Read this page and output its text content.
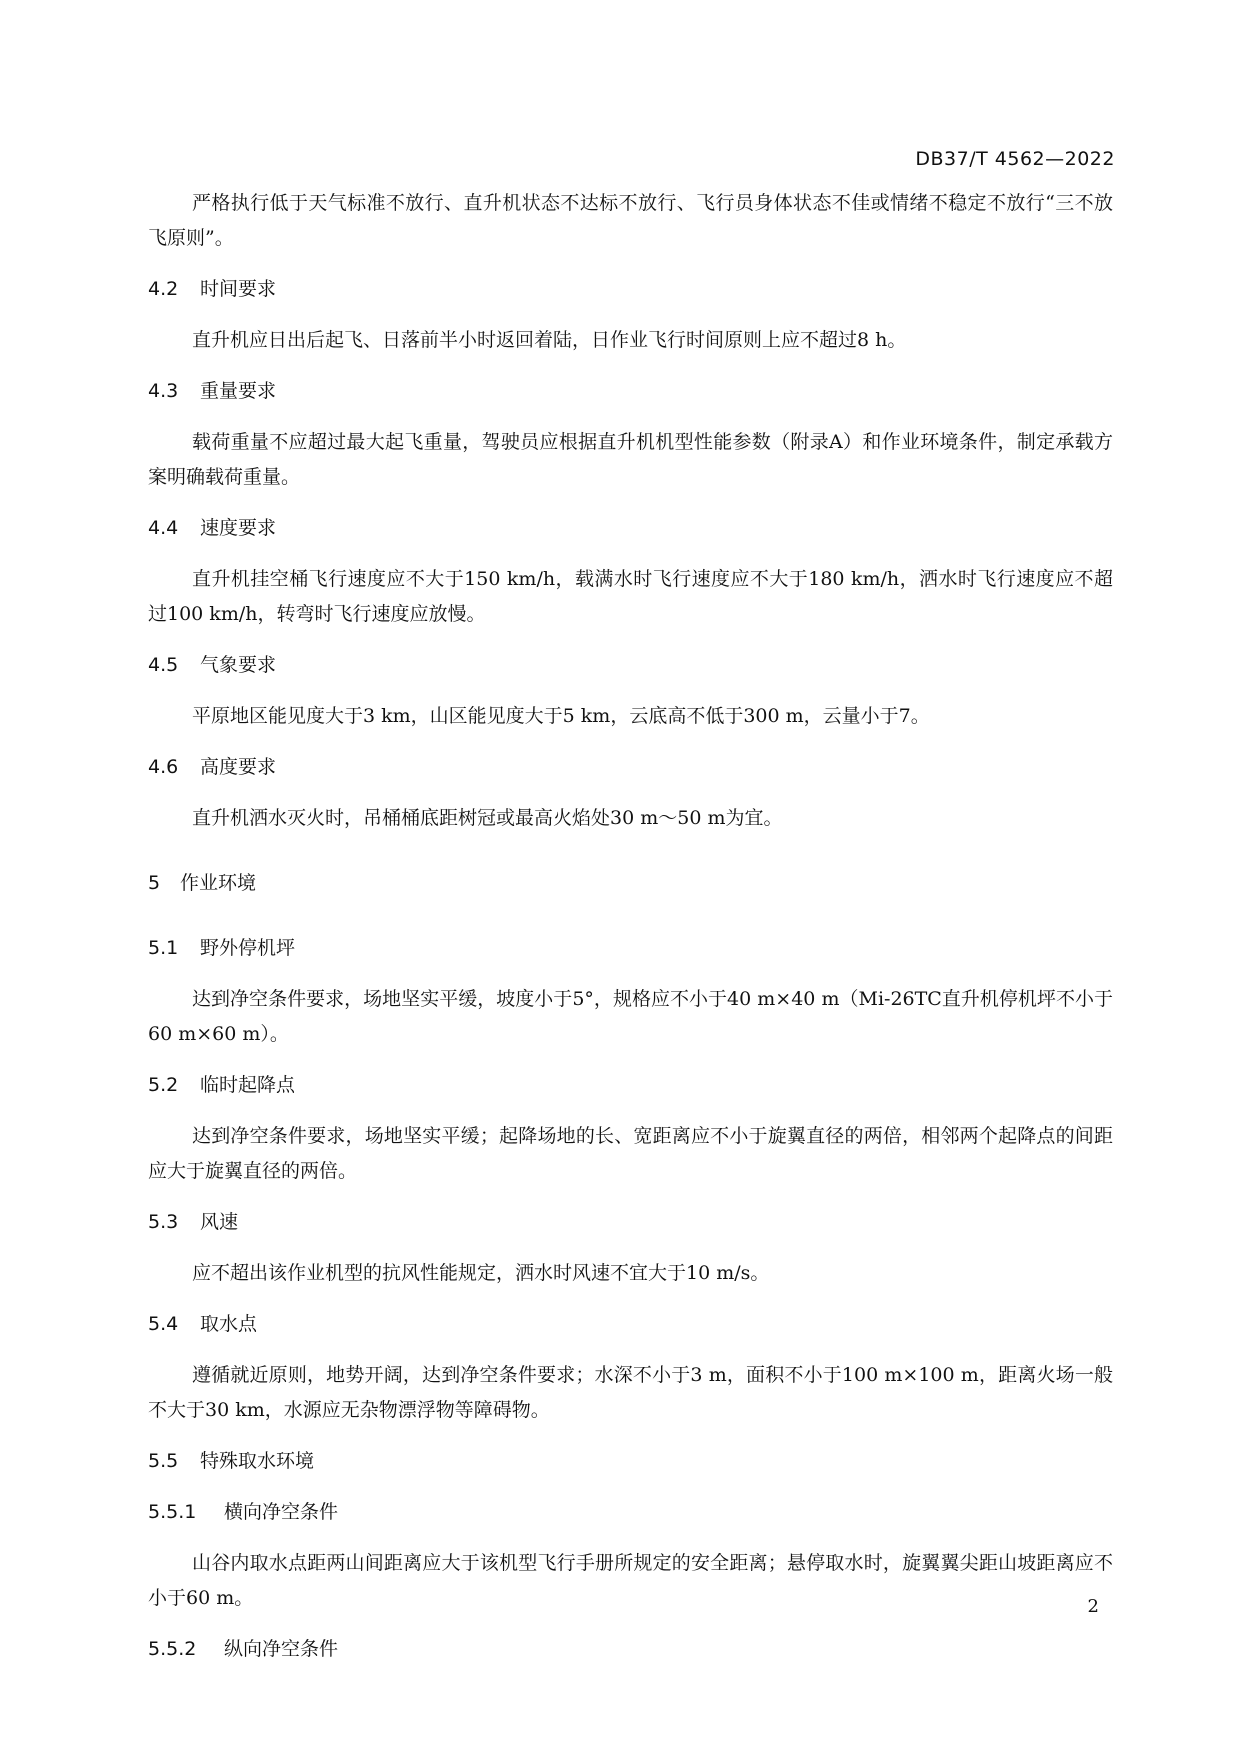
DB37/T 4562—2022

严格执行低于天气标准不放行、直升机状态不达标不放行、飞行员身体状态不佳或情绪不稳定不放行“三不放飞原则”。

4.2	时间要求

直升机应日出后起飞、日落前半小时返回着陆，日作业飞行时间原则上应不超过8 h。

4.3	重量要求

载荷重量不应超过最大起飞重量，驾驶员应根据直升机机型性能参数（附录A）和作业环境条件，制定承载方案明确载荷重量。

4.4	速度要求

直升机挂空桶飞行速度应不大于150 km/h，载满水时飞行速度应不大于180 km/h，洒水时飞行速度应不超过100 km/h，转弯时飞行速度应放慢。

4.5	气象要求

平原地区能见度大于3 km，山区能见度大于5 km，云底高不低于300 m，云量小于7。

4.6	高度要求

直升机洒水灭火时，吊桶桶底距树冠或最高火焰处30 m～50 m为宜。

5	作业环境
5.1	野外停机坪

达到净空条件要求，场地坚实平缓，坡度小于5°，规格应不小于40 m×40 m（Mi-26TC直升机停机坪不小于60 m×60 m）。

5.2	临时起降点

达到净空条件要求，场地坚实平缓；起降场地的长、宽距离应不小于旋翼直径的两倍，相邻两个起降点的间距应大于旋翼直径的两倍。

5.3	风速

应不超出该作业机型的抗风性能规定，洒水时风速不宜大于10 m/s。

5.4	取水点

遵循就近原则，地势开阔，达到净空条件要求；水深不小于3 m，面积不小于100 m×100 m，距离火场一般不大于30 km，水源应无杂物漂浮物等障碍物。

5.5	特殊取水环境
5.5.1	横向净空条件

山谷内取水点距两山间距离应大于该机型飞行手册所规定的安全距离；悬停取水时，旋翼翼尖距山坡距离应不小于60 m。

5.5.2	纵向净空条件
2
